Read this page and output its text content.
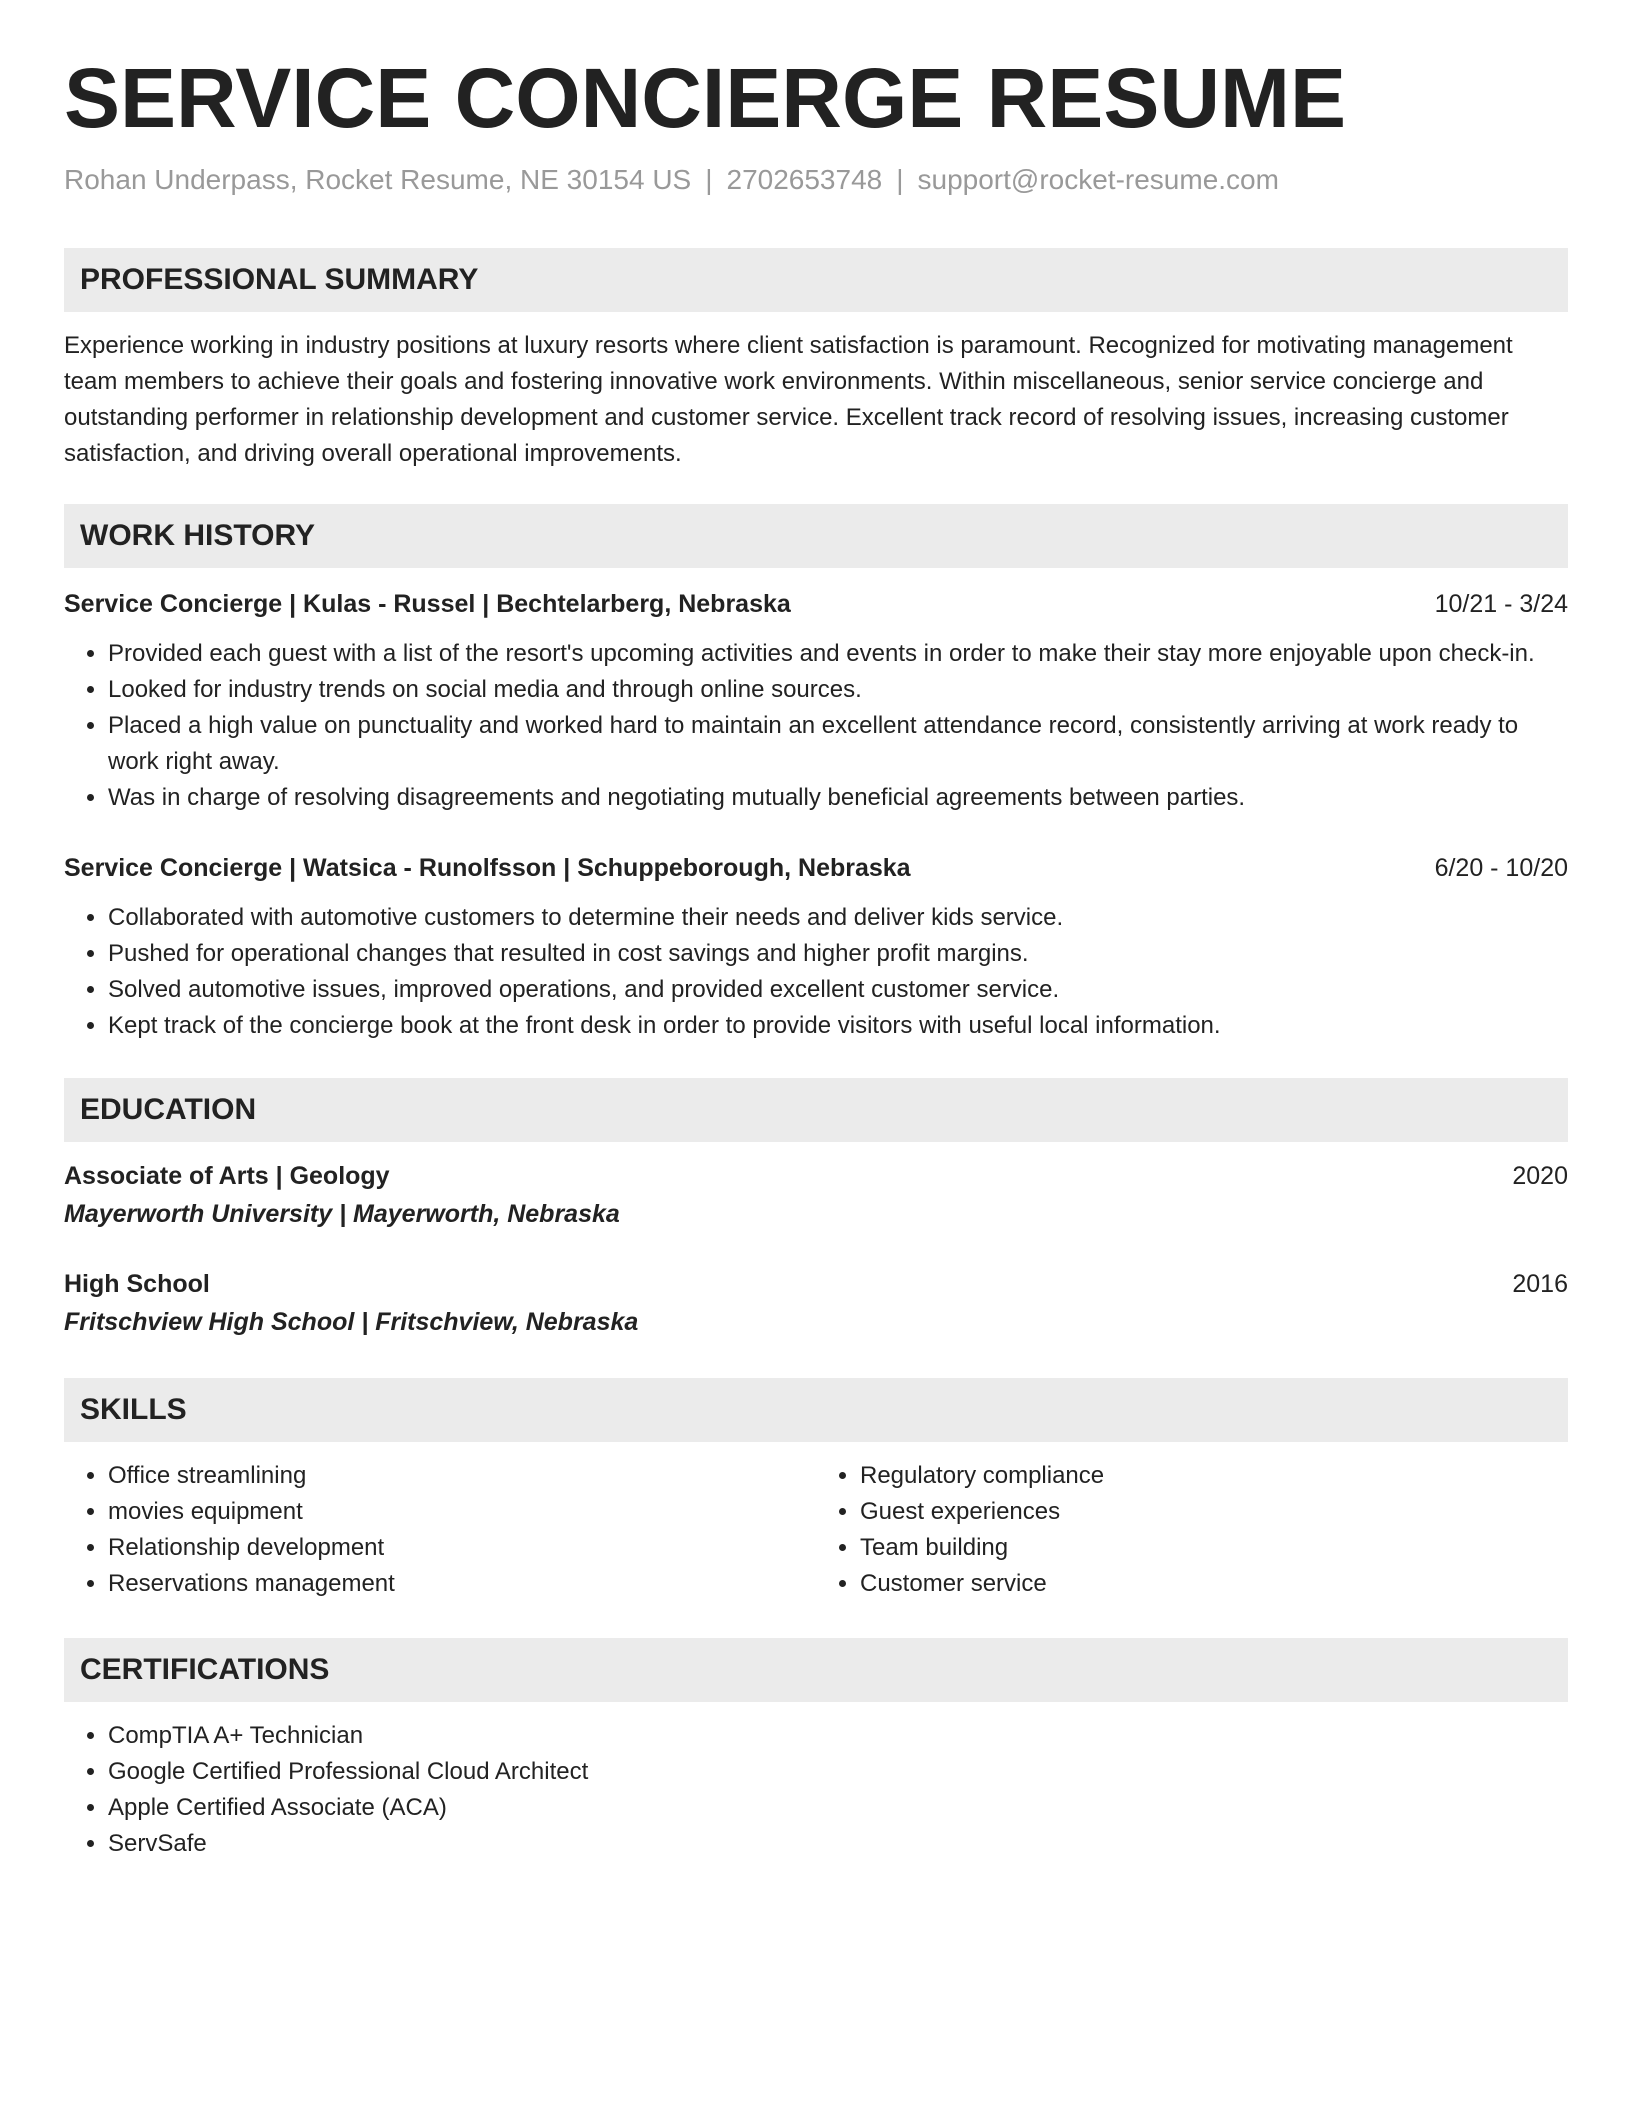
SERVICE CONCIERGE RESUME
Rohan Underpass, Rocket Resume, NE 30154 US | 2702653748 | support@rocket-resume.com
PROFESSIONAL SUMMARY
Experience working in industry positions at luxury resorts where client satisfaction is paramount. Recognized for motivating management team members to achieve their goals and fostering innovative work environments. Within miscellaneous, senior service concierge and outstanding performer in relationship development and customer service. Excellent track record of resolving issues, increasing customer satisfaction, and driving overall operational improvements.
WORK HISTORY
Service Concierge | Kulas - Russel | Bechtelarberg, Nebraska	10/21 - 3/24
• Provided each guest with a list of the resort's upcoming activities and events in order to make their stay more enjoyable upon check-in.
• Looked for industry trends on social media and through online sources.
• Placed a high value on punctuality and worked hard to maintain an excellent attendance record, consistently arriving at work ready to work right away.
• Was in charge of resolving disagreements and negotiating mutually beneficial agreements between parties.
Service Concierge | Watsica - Runolfsson | Schuppeborough, Nebraska	6/20 - 10/20
• Collaborated with automotive customers to determine their needs and deliver kids service.
• Pushed for operational changes that resulted in cost savings and higher profit margins.
• Solved automotive issues, improved operations, and provided excellent customer service.
• Kept track of the concierge book at the front desk in order to provide visitors with useful local information.
EDUCATION
Associate of Arts | Geology	2020
Mayerworth University | Mayerworth, Nebraska
High School	2016
Fritschview High School | Fritschview, Nebraska
SKILLS
• Office streamlining
• movies equipment
• Relationship development
• Reservations management
• Regulatory compliance
• Guest experiences
• Team building
• Customer service
CERTIFICATIONS
• CompTIA A+ Technician
• Google Certified Professional Cloud Architect
• Apple Certified Associate (ACA)
• ServSafe
